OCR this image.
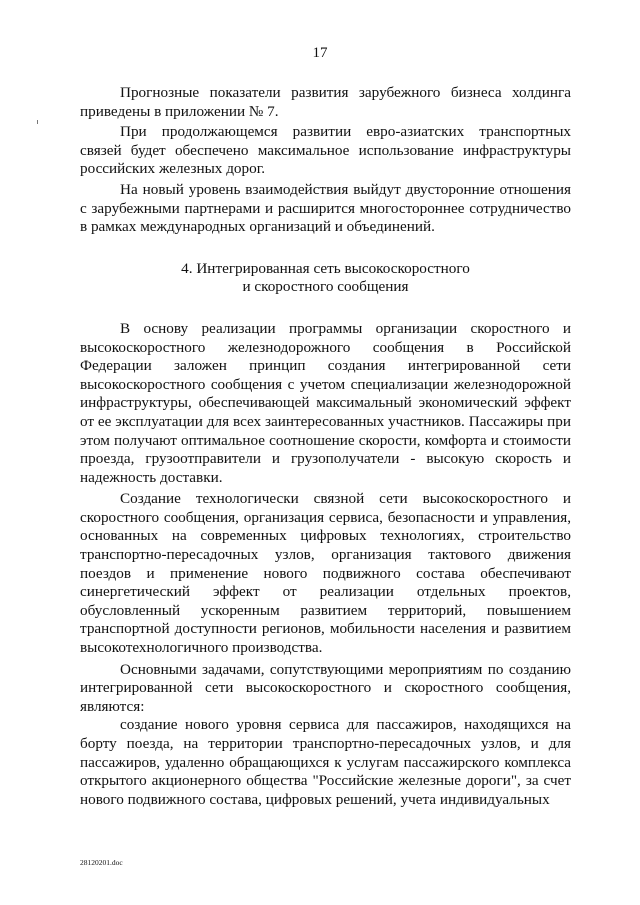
17

Прогнозные показатели развития зарубежного бизнеса холдинга приведены в приложении № 7.

При продолжающемся развитии евро-азиатских транспортных связей будет обеспечено максимальное использование инфраструктуры российских железных дорог.

На новый уровень взаимодействия выйдут двусторонние отношения с зарубежными партнерами и расширится многостороннее сотрудничество в рамках международных организаций и объединений.

4. Интегрированная сеть высокоскоростного
и скоростного сообщения

В основу реализации программы организации скоростного и высокоскоростного железнодорожного сообщения в Российской Федерации заложен принцип создания интегрированной сети высокоскоростного сообщения с учетом специализации железнодорожной инфраструктуры, обеспечивающей максимальный экономический эффект от ее эксплуатации для всех заинтересованных участников. Пассажиры при этом получают оптимальное соотношение скорости, комфорта и стоимости проезда, грузоотправители и грузополучатели - высокую скорость и надежность доставки.

Создание технологически связной сети высокоскоростного и скоростного сообщения, организация сервиса, безопасности и управления, основанных на современных цифровых технологиях, строительство транспортно-пересадочных узлов, организация тактового движения поездов и применение нового подвижного состава обеспечивают синергетический эффект от реализации отдельных проектов, обусловленный ускоренным развитием территорий, повышением транспортной доступности регионов, мобильности населения и развитием высокотехнологичного производства.

Основными задачами, сопутствующими мероприятиям по созданию интегрированной сети высокоскоростного и скоростного сообщения, являются:

создание нового уровня сервиса для пассажиров, находящихся на борту поезда, на территории транспортно-пересадочных узлов, и для пассажиров, удаленно обращающихся к услугам пассажирского комплекса открытого акционерного общества "Российские железные дороги", за счет нового подвижного состава, цифровых решений, учета индивидуальных

28120201.doc
